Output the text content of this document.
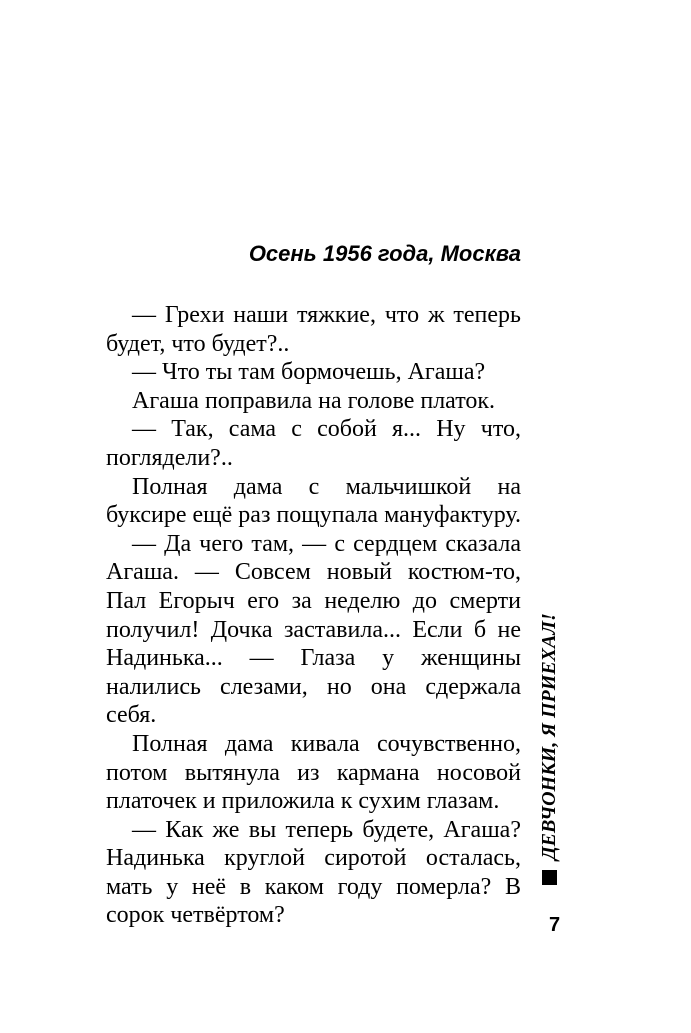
Осень 1956 года, Москва

— Грехи наши тяжкие, что ж теперь будет, что будет?..

— Что ты там бормочешь, Агаша?

Агаша поправила на голове платок.

— Так, сама с собой я... Ну что, поглядели?..

Полная дама с мальчишкой на буксире ещё раз пощупала мануфактуру.

— Да чего там, — с сердцем сказала Агаша. — Совсем новый костюм-то, Пал Егорыч его за неделю до смерти получил! Дочка заставила... Если б не Надинька... — Глаза у женщины налились слезами, но она сдержала себя.

Полная дама кивала сочувственно, потом вытянула из кармана носовой платочек и приложила к сухим глазам.

— Как же вы теперь будете, Агаша? Надинька круглой сиротой осталась, мать у неё в каком году померла? В сорок четвёртом?

ДЕВЧОНКИ, Я ПРИЕХАЛ!
7
